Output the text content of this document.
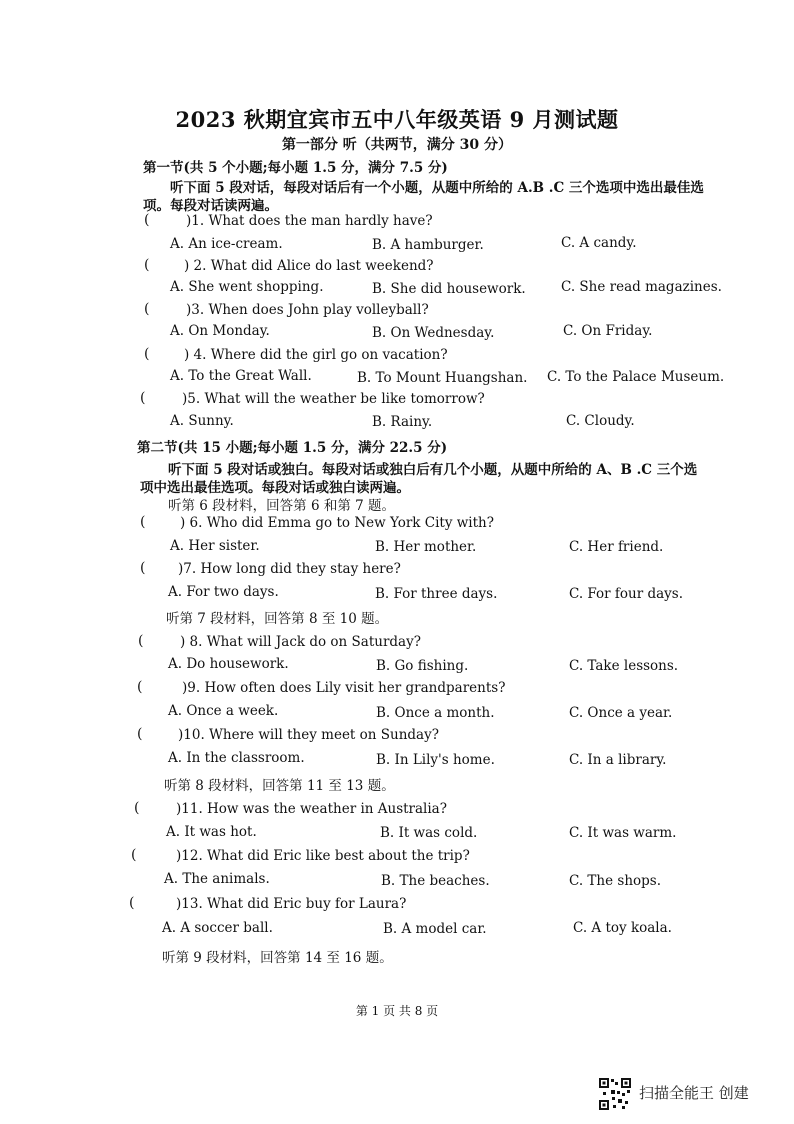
2023 秋期宜宾市五中八年级英语 9 月测试题
第一部分 听（共两节，满分 30 分）
第一节(共 5 个小题;每小题 1.5 分，满分 7.5 分)
听下面 5 段对话，每段对话后有一个小题，从题中所给的 A.B .C 三个选项中选出最佳选
项。每段对话读两遍。
(	)1. What does the man hardly have?
A. An ice-cream.	B. A hamburger.	C. A candy.
(	) 2. What did Alice do last weekend?
A. She went shopping.	B. She did housework.	C. She read magazines.
(	)3. When does John play volleyball?
A. On Monday.	B. On Wednesday.	C. On Friday.
(	) 4. Where did the girl go on vacation?
A. To the Great Wall.	B. To Mount Huangshan. C. To the Palace Museum.
(	)5. What will the weather be like tomorrow?
A. Sunny.	B. Rainy.	C. Cloudy.
第二节(共 15 小题;每小题 1.5 分，满分 22.5 分)
听下面 5 段对话或独白。每段对话或独白后有几个小题，从题中所给的 A、B .C 三个选
项中选出最佳选项。每段对话或独白读两遍。
听第 6 段材料，回答第 6 和第 7 题。
(	) 6. Who did Emma go to New York City with?
A. Her sister.	B. Her mother.	C. Her friend.
( )7. How long did they stay here?
A. For two days.	B. For three days.	C. For four days.
听第 7 段材料，回答第 8 至 10 题。
(	) 8. What will Jack do on Saturday?
A. Do housework.	B. Go fishing.	C. Take lessons.
(	)9. How often does Lily visit her grandparents?
A. Once a week.	B. Once a month.	C. Once a year.
(	)10. Where will they meet on Sunday?
A. In the classroom.	B. In Lily's home.	C. In a library.
听第 8 段材料，回答第 11 至 13 题。
(	)11. How was the weather in Australia?
A. It was hot.	B. It was cold.	C. It was warm.
(	)12. What did Eric like best about the trip?
A. The animals.	B. The beaches.	C. The shops.
(	)13. What did Eric buy for Laura?
A. A soccer ball.	B. A model car.	C. A toy koala.
听第 9 段材料，回答第 14 至 16 题。
第 1 页 共 8 页
扫描全能王 创建
